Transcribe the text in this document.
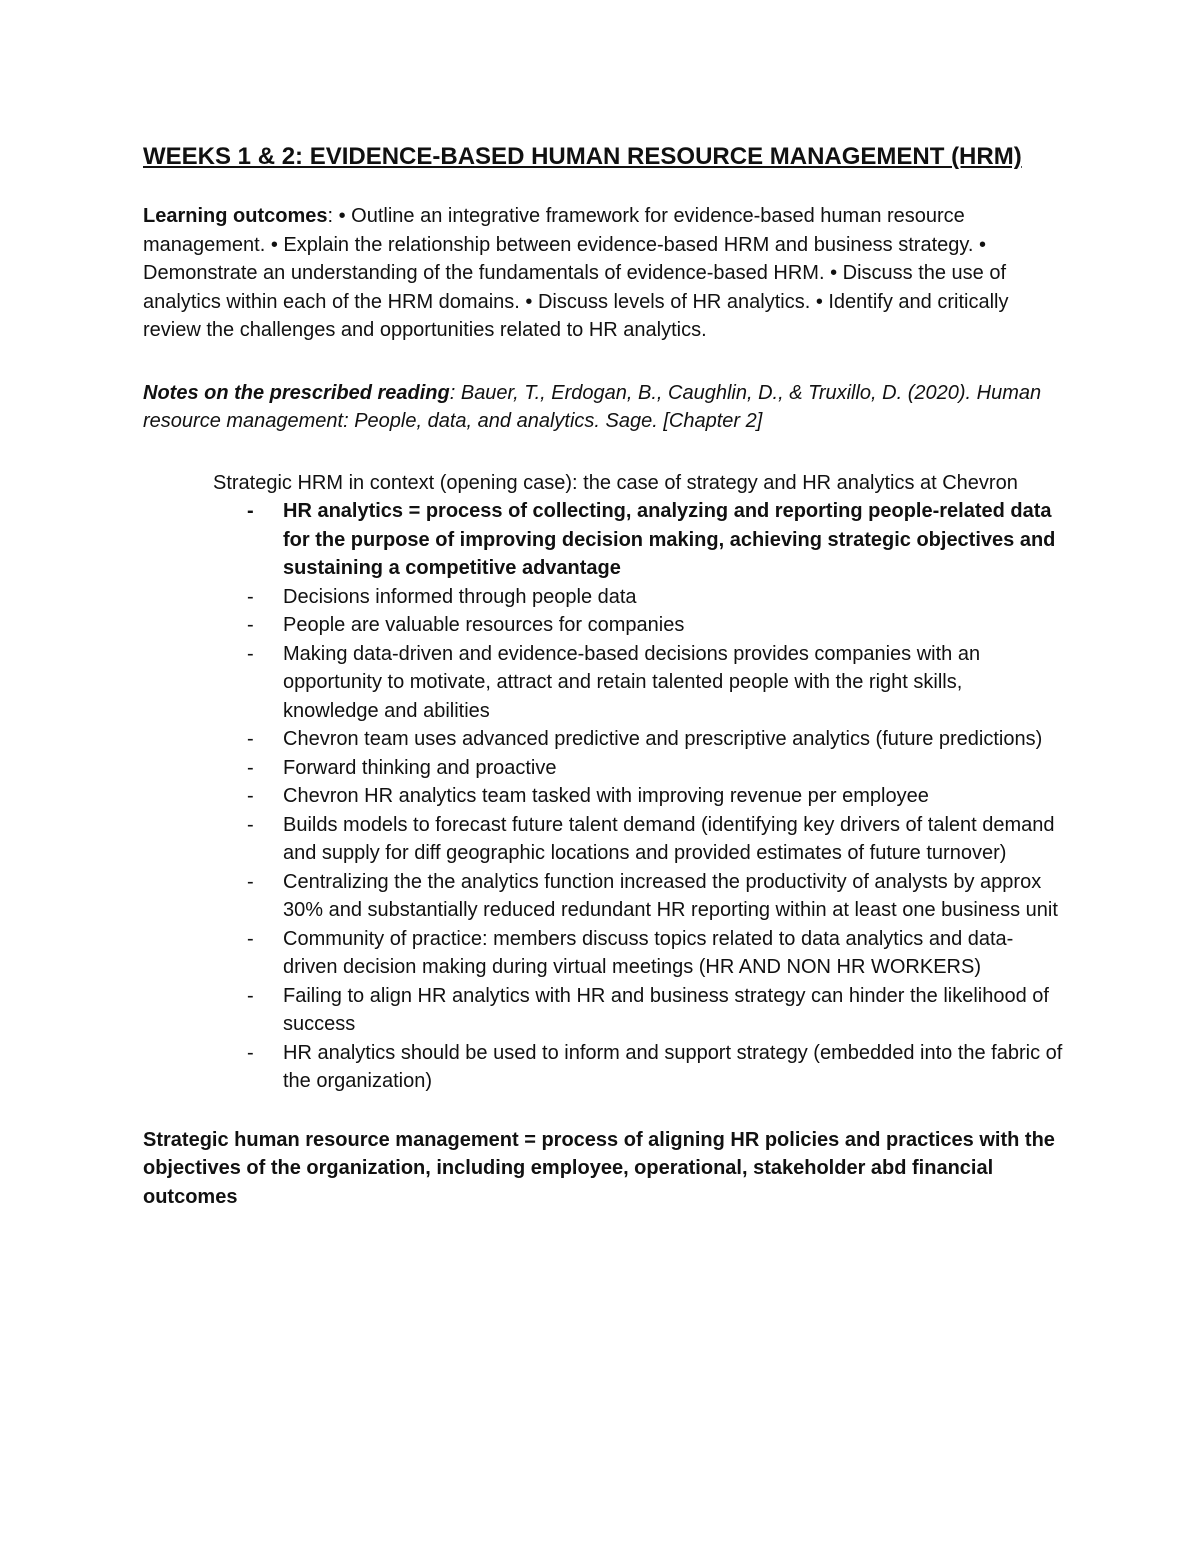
WEEKS 1 & 2: EVIDENCE-BASED HUMAN RESOURCE MANAGEMENT (HRM)

Learning outcomes: • Outline an integrative framework for evidence-based human resource management. • Explain the relationship between evidence-based HRM and business strategy. • Demonstrate an understanding of the fundamentals of evidence-based HRM. • Discuss the use of analytics within each of the HRM domains. • Discuss levels of HR analytics. • Identify and critically review the challenges and opportunities related to HR analytics.

Notes on the prescribed reading: Bauer, T., Erdogan, B., Caughlin, D., & Truxillo, D. (2020). Human resource management: People, data, and analytics. Sage. [Chapter 2]

Strategic HRM in context (opening case): the case of strategy and HR analytics at Chevron
- HR analytics = process of collecting, analyzing and reporting people-related data for the purpose of improving decision making, achieving strategic objectives and sustaining a competitive advantage
- Decisions informed through people data
- People are valuable resources for companies
- Making data-driven and evidence-based decisions provides companies with an opportunity to motivate, attract and retain talented people with the right skills, knowledge and abilities
- Chevron team uses advanced predictive and prescriptive analytics (future predictions)
- Forward thinking and proactive
- Chevron HR analytics team tasked with improving revenue per employee
- Builds models to forecast future talent demand (identifying key drivers of talent demand and supply for diff geographic locations and provided estimates of future turnover)
- Centralizing the the analytics function increased the productivity of analysts by approx 30% and substantially reduced redundant HR reporting within at least one business unit
- Community of practice: members discuss topics related to data analytics and data-driven decision making during virtual meetings (HR AND NON HR WORKERS)
- Failing to align HR analytics with HR and business strategy can hinder the likelihood of success
- HR analytics should be used to inform and support strategy (embedded into the fabric of the organization)

Strategic human resource management = process of aligning HR policies and practices with the objectives of the organization, including employee, operational, stakeholder abd financial outcomes
